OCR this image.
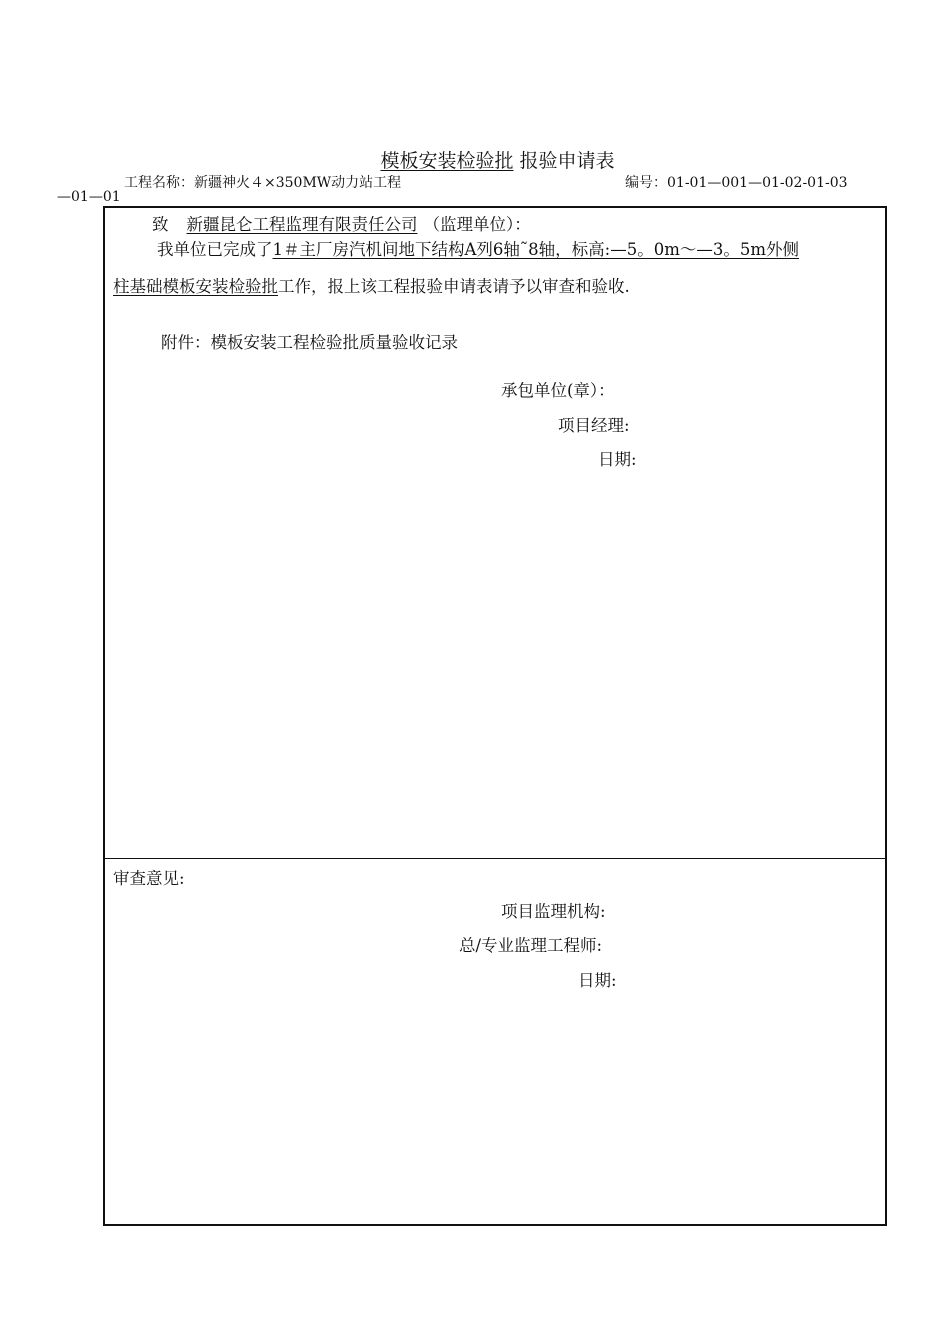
模板安装检验批 报验申请表
工程名称：新疆神火４×350MW动力站工程	编号：01-01—001—01-02-01-03
—01—01
致 新疆昆仑工程监理有限责任公司 （监理单位）：
我单位已完成了1＃主厂房汽机间地下结构A列6轴˜8轴，标高:—5。0m～—3。5m外侧
柱基础模板安装检验批工作，报上该工程报验申请表请予以审查和验收.
附件：模板安装工程检验批质量验收记录
承包单位(章）：
项目经理:
日期:
审查意见:
项目监理机构:
总/专业监理工程师:
日期:
